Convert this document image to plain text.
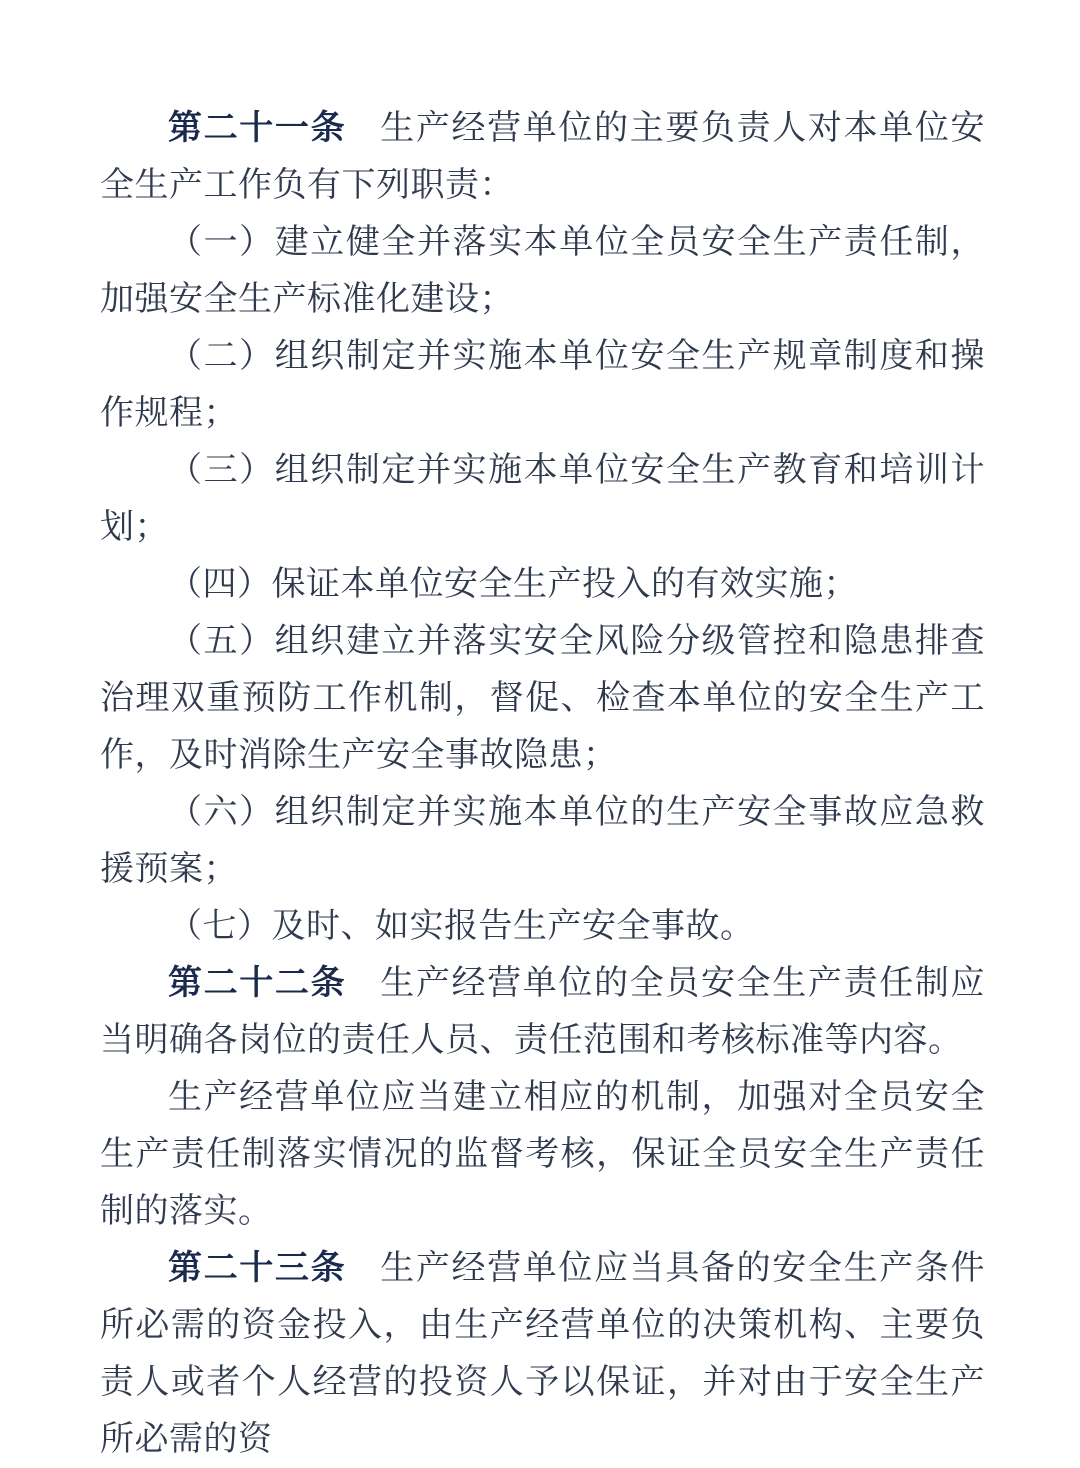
第二十一条 生产经营单位的主要负责人对本单位安全生产工作负有下列职责：

（一）建立健全并落实本单位全员安全生产责任制，加强安全生产标准化建设；

（二）组织制定并实施本单位安全生产规章制度和操作规程；

（三）组织制定并实施本单位安全生产教育和培训计划；

（四）保证本单位安全生产投入的有效实施；

（五）组织建立并落实安全风险分级管控和隐患排查治理双重预防工作机制，督促、检查本单位的安全生产工作，及时消除生产安全事故隐患；

（六）组织制定并实施本单位的生产安全事故应急救援预案；

（七）及时、如实报告生产安全事故。

第二十二条 生产经营单位的全员安全生产责任制应当明确各岗位的责任人员、责任范围和考核标准等内容。

生产经营单位应当建立相应的机制，加强对全员安全生产责任制落实情况的监督考核，保证全员安全生产责任制的落实。

第二十三条 生产经营单位应当具备的安全生产条件所必需的资金投入，由生产经营单位的决策机构、主要负责人或者个人经营的投资人予以保证，并对由于安全生产所必需的资
